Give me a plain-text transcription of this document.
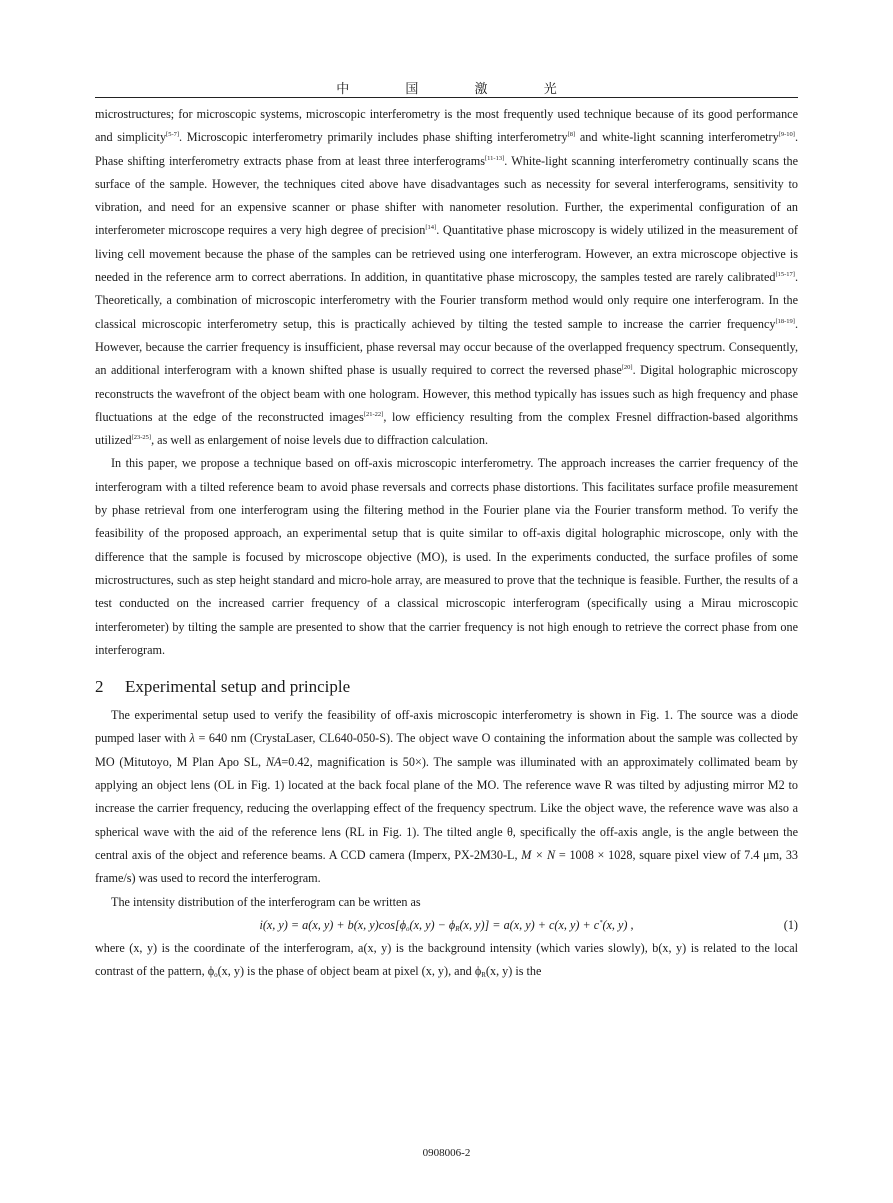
中 国 激 光

microstructures; for microscopic systems, microscopic interferometry is the most frequently used technique because of its good performance and simplicity[5-7]. Microscopic interferometry primarily includes phase shifting interferometry[8] and white-light scanning interferometry[9-10]. Phase shifting interferometry extracts phase from at least three interferograms[11-13]. White-light scanning interferometry continually scans the surface of the sample. However, the techniques cited above have disadvantages such as necessity for several interferograms, sensitivity to vibration, and need for an expensive scanner or phase shifter with nanometer resolution. Further, the experimental configuration of an interferometer microscope requires a very high degree of precision[14]. Quantitative phase microscopy is widely utilized in the measurement of living cell movement because the phase of the samples can be retrieved using one interferogram. However, an extra microscope objective is needed in the reference arm to correct aberrations. In addition, in quantitative phase microscopy, the samples tested are rarely calibrated[15-17]. Theoretically, a combination of microscopic interferometry with the Fourier transform method would only require one interferogram. In the classical microscopic interferometry setup, this is practically achieved by tilting the tested sample to increase the carrier frequency[18-19]. However, because the carrier frequency is insufficient, phase reversal may occur because of the overlapped frequency spectrum. Consequently, an additional interferogram with a known shifted phase is usually required to correct the reversed phase[20]. Digital holographic microscopy reconstructs the wavefront of the object beam with one hologram. However, this method typically has issues such as high frequency and phase fluctuations at the edge of the reconstructed images[21-22], low efficiency resulting from the complex Fresnel diffraction-based algorithms utilized[23-25], as well as enlargement of noise levels due to diffraction calculation.

In this paper, we propose a technique based on off-axis microscopic interferometry. The approach increases the carrier frequency of the interferogram with a tilted reference beam to avoid phase reversals and corrects phase distortions. This facilitates surface profile measurement by phase retrieval from one interferogram using the filtering method in the Fourier plane via the Fourier transform method. To verify the feasibility of the proposed approach, an experimental setup that is quite similar to off-axis digital holographic microscope, only with the difference that the sample is focused by microscope objective (MO), is used. In the experiments conducted, the surface profiles of some microstructures, such as step height standard and micro-hole array, are measured to prove that the technique is feasible. Further, the results of a test conducted on the increased carrier frequency of a classical microscopic interferogram (specifically using a Mirau microscopic interferometer) by tilting the sample are presented to show that the carrier frequency is not high enough to retrieve the correct phase from one interferogram.

2 Experimental setup and principle

The experimental setup used to verify the feasibility of off-axis microscopic interferometry is shown in Fig. 1. The source was a diode pumped laser with λ = 640 nm (CrystaLaser, CL640-050-S). The object wave O containing the information about the sample was collected by MO (Mitutoyo, M Plan Apo SL, NA=0.42, magnification is 50×). The sample was illuminated with an approximately collimated beam by applying an object lens (OL in Fig. 1) located at the back focal plane of the MO. The reference wave R was tilted by adjusting mirror M2 to increase the carrier frequency, reducing the overlapping effect of the frequency spectrum. Like the object wave, the reference wave was also a spherical wave with the aid of the reference lens (RL in Fig. 1). The tilted angle θ, specifically the off-axis angle, is the angle between the central axis of the object and reference beams. A CCD camera (Imperx, PX-2M30-L, M × N = 1008 × 1028, square pixel view of 7.4 μm, 33 frame/s) was used to record the interferogram.

The intensity distribution of the interferogram can be written as

i(x, y) = a(x, y) + b(x, $y)\cos[\phi_o(x$, $y) - \phi_R(x$, y)] = a(x, y) + c(x, y) + c*(x, y) ,	(1)

where (x, y) is the coordinate of the interferogram, a(x, y) is the background intensity (which varies slowly), b(x, y) is related to the local contrast of the pattern, $\phi_o(x$, y) is the phase of object beam at pixel (x, y), and $\phi_R(x$, y) is the

0908006-2
